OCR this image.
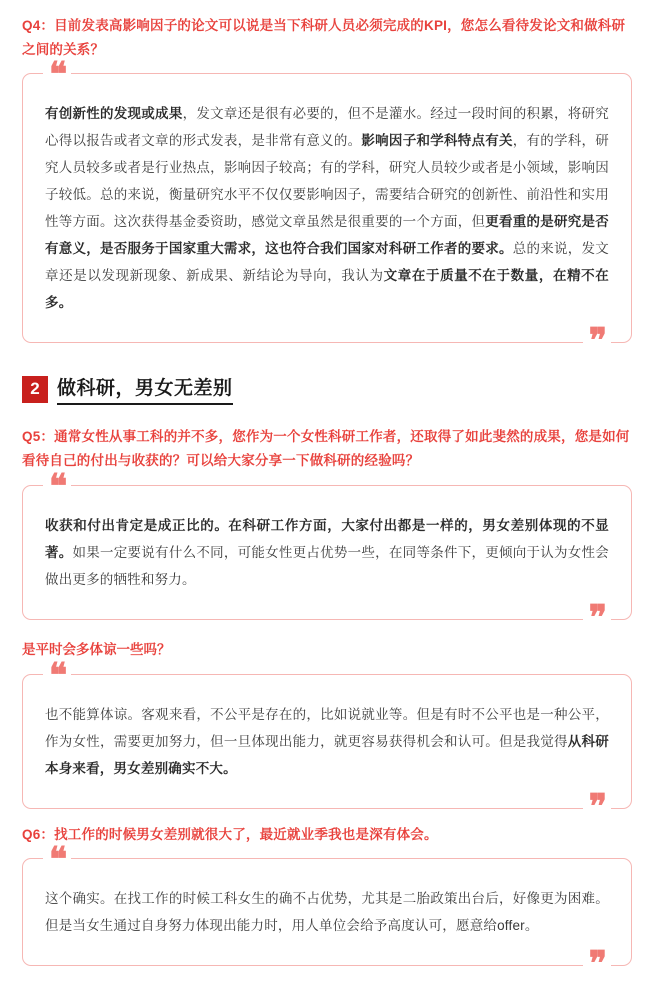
Q4：目前发表高影响因子的论文可以说是当下科研人员必须完成的KPI，您怎么看待发论文和做科研之间的关系？

❝
有创新性的发现或成果，发文章还是很有必要的，但不是灌水。经过一段时间的积累，将研究心得以报告或者文章的形式发表，是非常有意义的。影响因子和学科特点有关，有的学科，研究人员较多或者是行业热点，影响因子较高；有的学科，研究人员较少或者是小领域，影响因子较低。总的来说，衡量研究水平不仅仅要影响因子，需要结合研究的创新性、前沿性和实用性等方面。这次获得基金委资助，感觉文章虽然是很重要的一个方面，但更看重的是研究是否有意义，是否服务于国家重大需求，这也符合我们国家对科研工作者的要求。总的来说，发文章还是以发现新现象、新成果、新结论为导向，我认为文章在于质量不在于数量，在精不在多。
❞
2 做科研，男女无差别

Q5：通常女性从事工科的并不多，您作为一个女性科研工作者，还取得了如此斐然的成果，您是如何看待自己的付出与收获的？可以给大家分享一下做科研的经验吗？

❝
收获和付出肯定是成正比的。在科研工作方面，大家付出都是一样的，男女差别体现的不显著。如果一定要说有什么不同，可能女性更占优势一些，在同等条件下，更倾向于认为女性会做出更多的牺牲和努力。
❞

是平时会多体谅一些吗？

❝
也不能算体谅。客观来看，不公平是存在的，比如说就业等。但是有时不公平也是一种公平，作为女性，需要更加努力，但一旦体现出能力，就更容易获得机会和认可。但是我觉得从科研本身来看，男女差别确实不大。
❞

Q6：找工作的时候男女差别就很大了，最近就业季我也是深有体会。

❝
这个确实。在找工作的时候工科女生的确不占优势，尤其是二胎政策出台后，好像更为困难。但是当女生通过自身努力体现出能力时，用人单位会给予高度认可，愿意给offer。
❞
